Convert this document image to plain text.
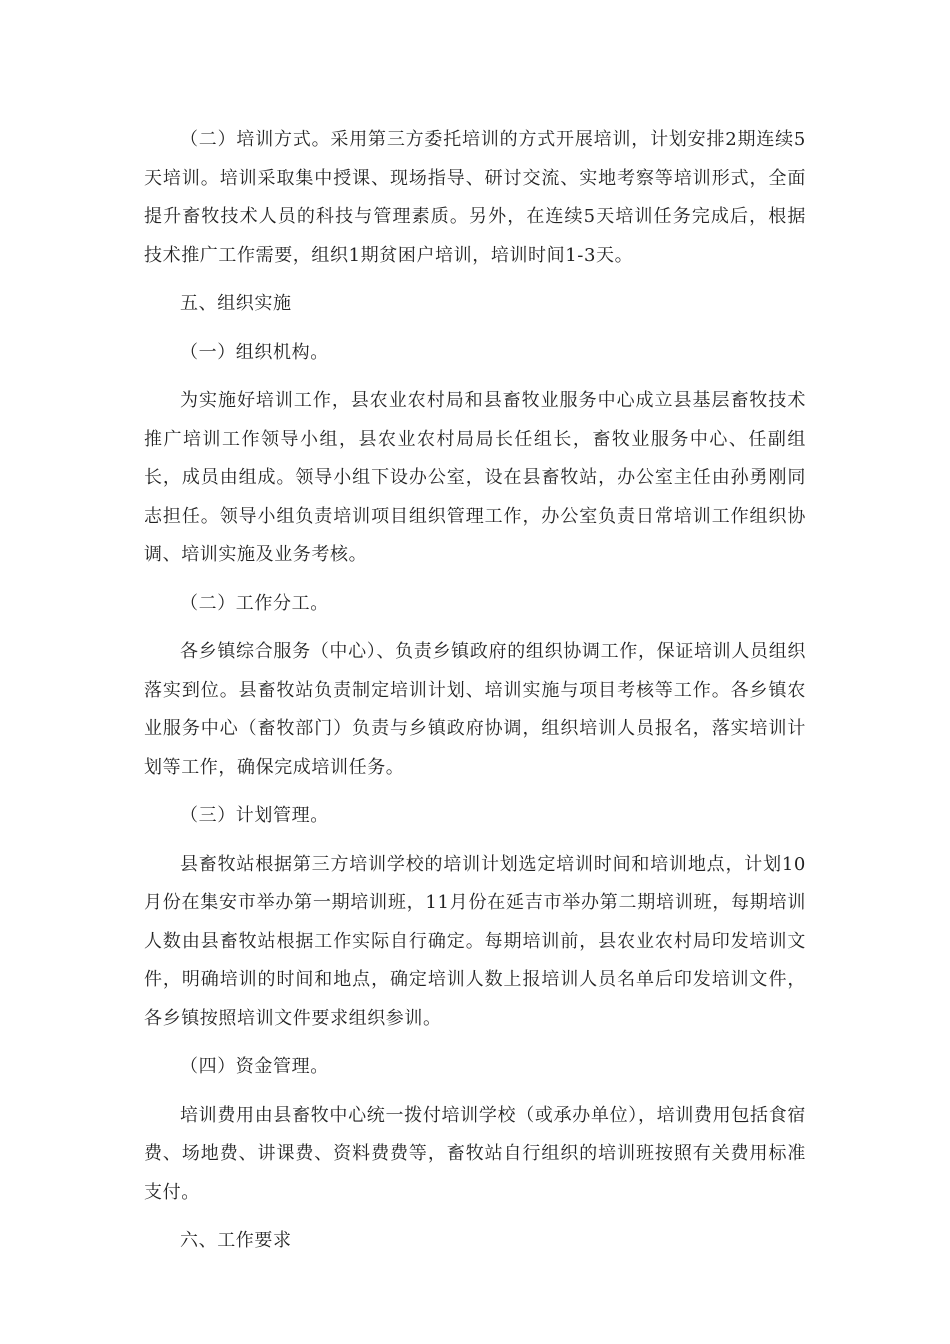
（二）培训方式。采用第三方委托培训的方式开展培训，计划安排2期连续5天培训。培训采取集中授课、现场指导、研讨交流、实地考察等培训形式，全面提升畜牧技术人员的科技与管理素质。另外，在连续5天培训任务完成后，根据技术推广工作需要，组织1期贫困户培训，培训时间1-3天。

五、组织实施

（一）组织机构。

为实施好培训工作，县农业农村局和县畜牧业服务中心成立县基层畜牧技术推广培训工作领导小组，县农业农村局局长任组长，畜牧业服务中心、任副组长，成员由组成。领导小组下设办公室，设在县畜牧站，办公室主任由孙勇刚同志担任。领导小组负责培训项目组织管理工作，办公室负责日常培训工作组织协调、培训实施及业务考核。

（二）工作分工。

各乡镇综合服务（中心）、负责乡镇政府的组织协调工作，保证培训人员组织落实到位。县畜牧站负责制定培训计划、培训实施与项目考核等工作。各乡镇农业服务中心（畜牧部门）负责与乡镇政府协调，组织培训人员报名，落实培训计划等工作，确保完成培训任务。

（三）计划管理。

县畜牧站根据第三方培训学校的培训计划选定培训时间和培训地点，计划10月份在集安市举办第一期培训班，11月份在延吉市举办第二期培训班，每期培训人数由县畜牧站根据工作实际自行确定。每期培训前，县农业农村局印发培训文件，明确培训的时间和地点，确定培训人数上报培训人员名单后印发培训文件，各乡镇按照培训文件要求组织参训。

（四）资金管理。

培训费用由县畜牧中心统一拨付培训学校（或承办单位），培训费用包括食宿费、场地费、讲课费、资料费费等，畜牧站自行组织的培训班按照有关费用标准支付。

六、工作要求
